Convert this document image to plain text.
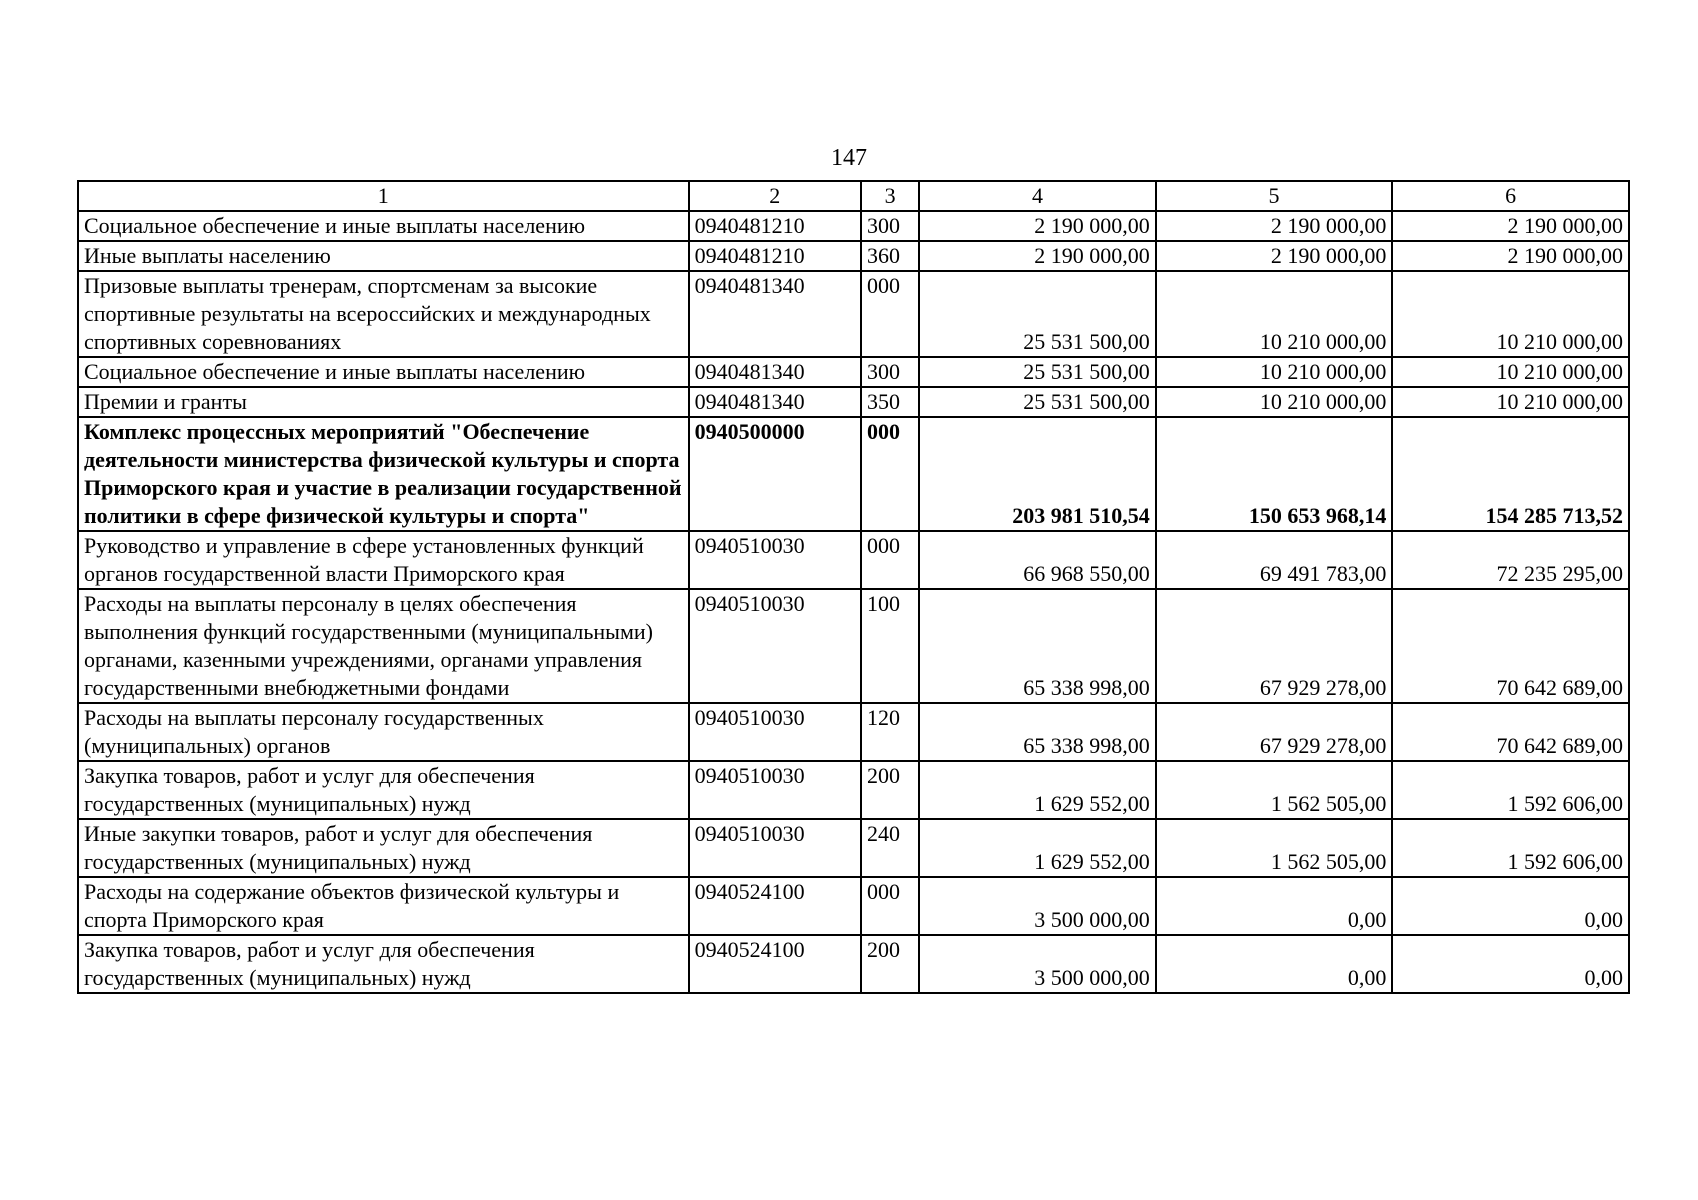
147
1	2	3	4	5	6
Социальное обеспечение и иные выплаты населению	0940481210	300	2 190 000,00	2 190 000,00	2 190 000,00
Иные выплаты населению	0940481210	360	2 190 000,00	2 190 000,00	2 190 000,00
Призовые выплаты тренерам, спортсменам за высокие спортивные результаты на всероссийских и международных спортивных соревнованиях	0940481340	000	25 531 500,00	10 210 000,00	10 210 000,00
Социальное обеспечение и иные выплаты населению	0940481340	300	25 531 500,00	10 210 000,00	10 210 000,00
Премии и гранты	0940481340	350	25 531 500,00	10 210 000,00	10 210 000,00
Комплекс процессных мероприятий "Обеспечение деятельности министерства физической культуры и спорта Приморского края и участие в реализации государственной политики в сфере физической культуры и спорта"	0940500000	000	203 981 510,54	150 653 968,14	154 285 713,52
Руководство и управление в сфере установленных функций органов государственной власти Приморского края	0940510030	000	66 968 550,00	69 491 783,00	72 235 295,00
Расходы на выплаты персоналу в целях обеспечения выполнения функций государственными (муниципальными) органами, казенными учреждениями, органами управления государственными внебюджетными фондами	0940510030	100	65 338 998,00	67 929 278,00	70 642 689,00
Расходы на выплаты персоналу государственных (муниципальных) органов	0940510030	120	65 338 998,00	67 929 278,00	70 642 689,00
Закупка товаров, работ и услуг для обеспечения государственных (муниципальных) нужд	0940510030	200	1 629 552,00	1 562 505,00	1 592 606,00
Иные закупки товаров, работ и услуг для обеспечения государственных (муниципальных) нужд	0940510030	240	1 629 552,00	1 562 505,00	1 592 606,00
Расходы на содержание объектов физической культуры и спорта Приморского края	0940524100	000	3 500 000,00	0,00	0,00
Закупка товаров, работ и услуг для обеспечения государственных (муниципальных) нужд	0940524100	200	3 500 000,00	0,00	0,00
